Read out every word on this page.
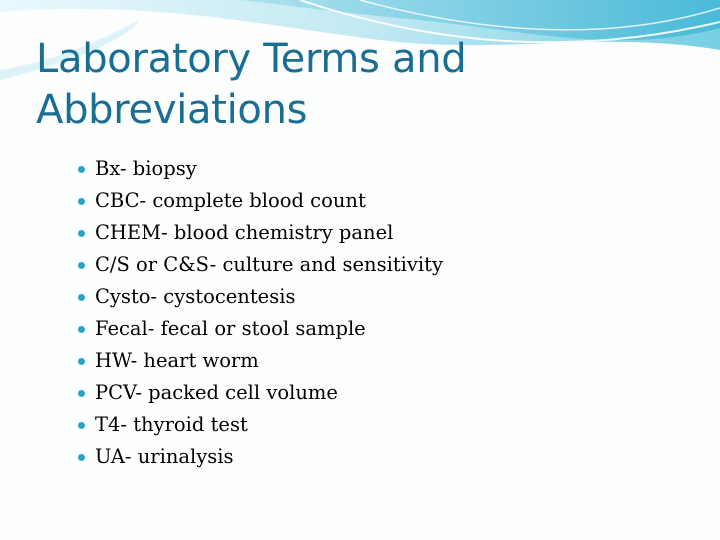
Laboratory Terms and Abbreviations
Bx- biopsy
CBC- complete blood count
CHEM- blood chemistry panel
C/S or C&S- culture and sensitivity
Cysto- cystocentesis
Fecal- fecal or stool sample
HW- heart worm
PCV- packed cell volume
T4- thyroid test
UA- urinalysis
